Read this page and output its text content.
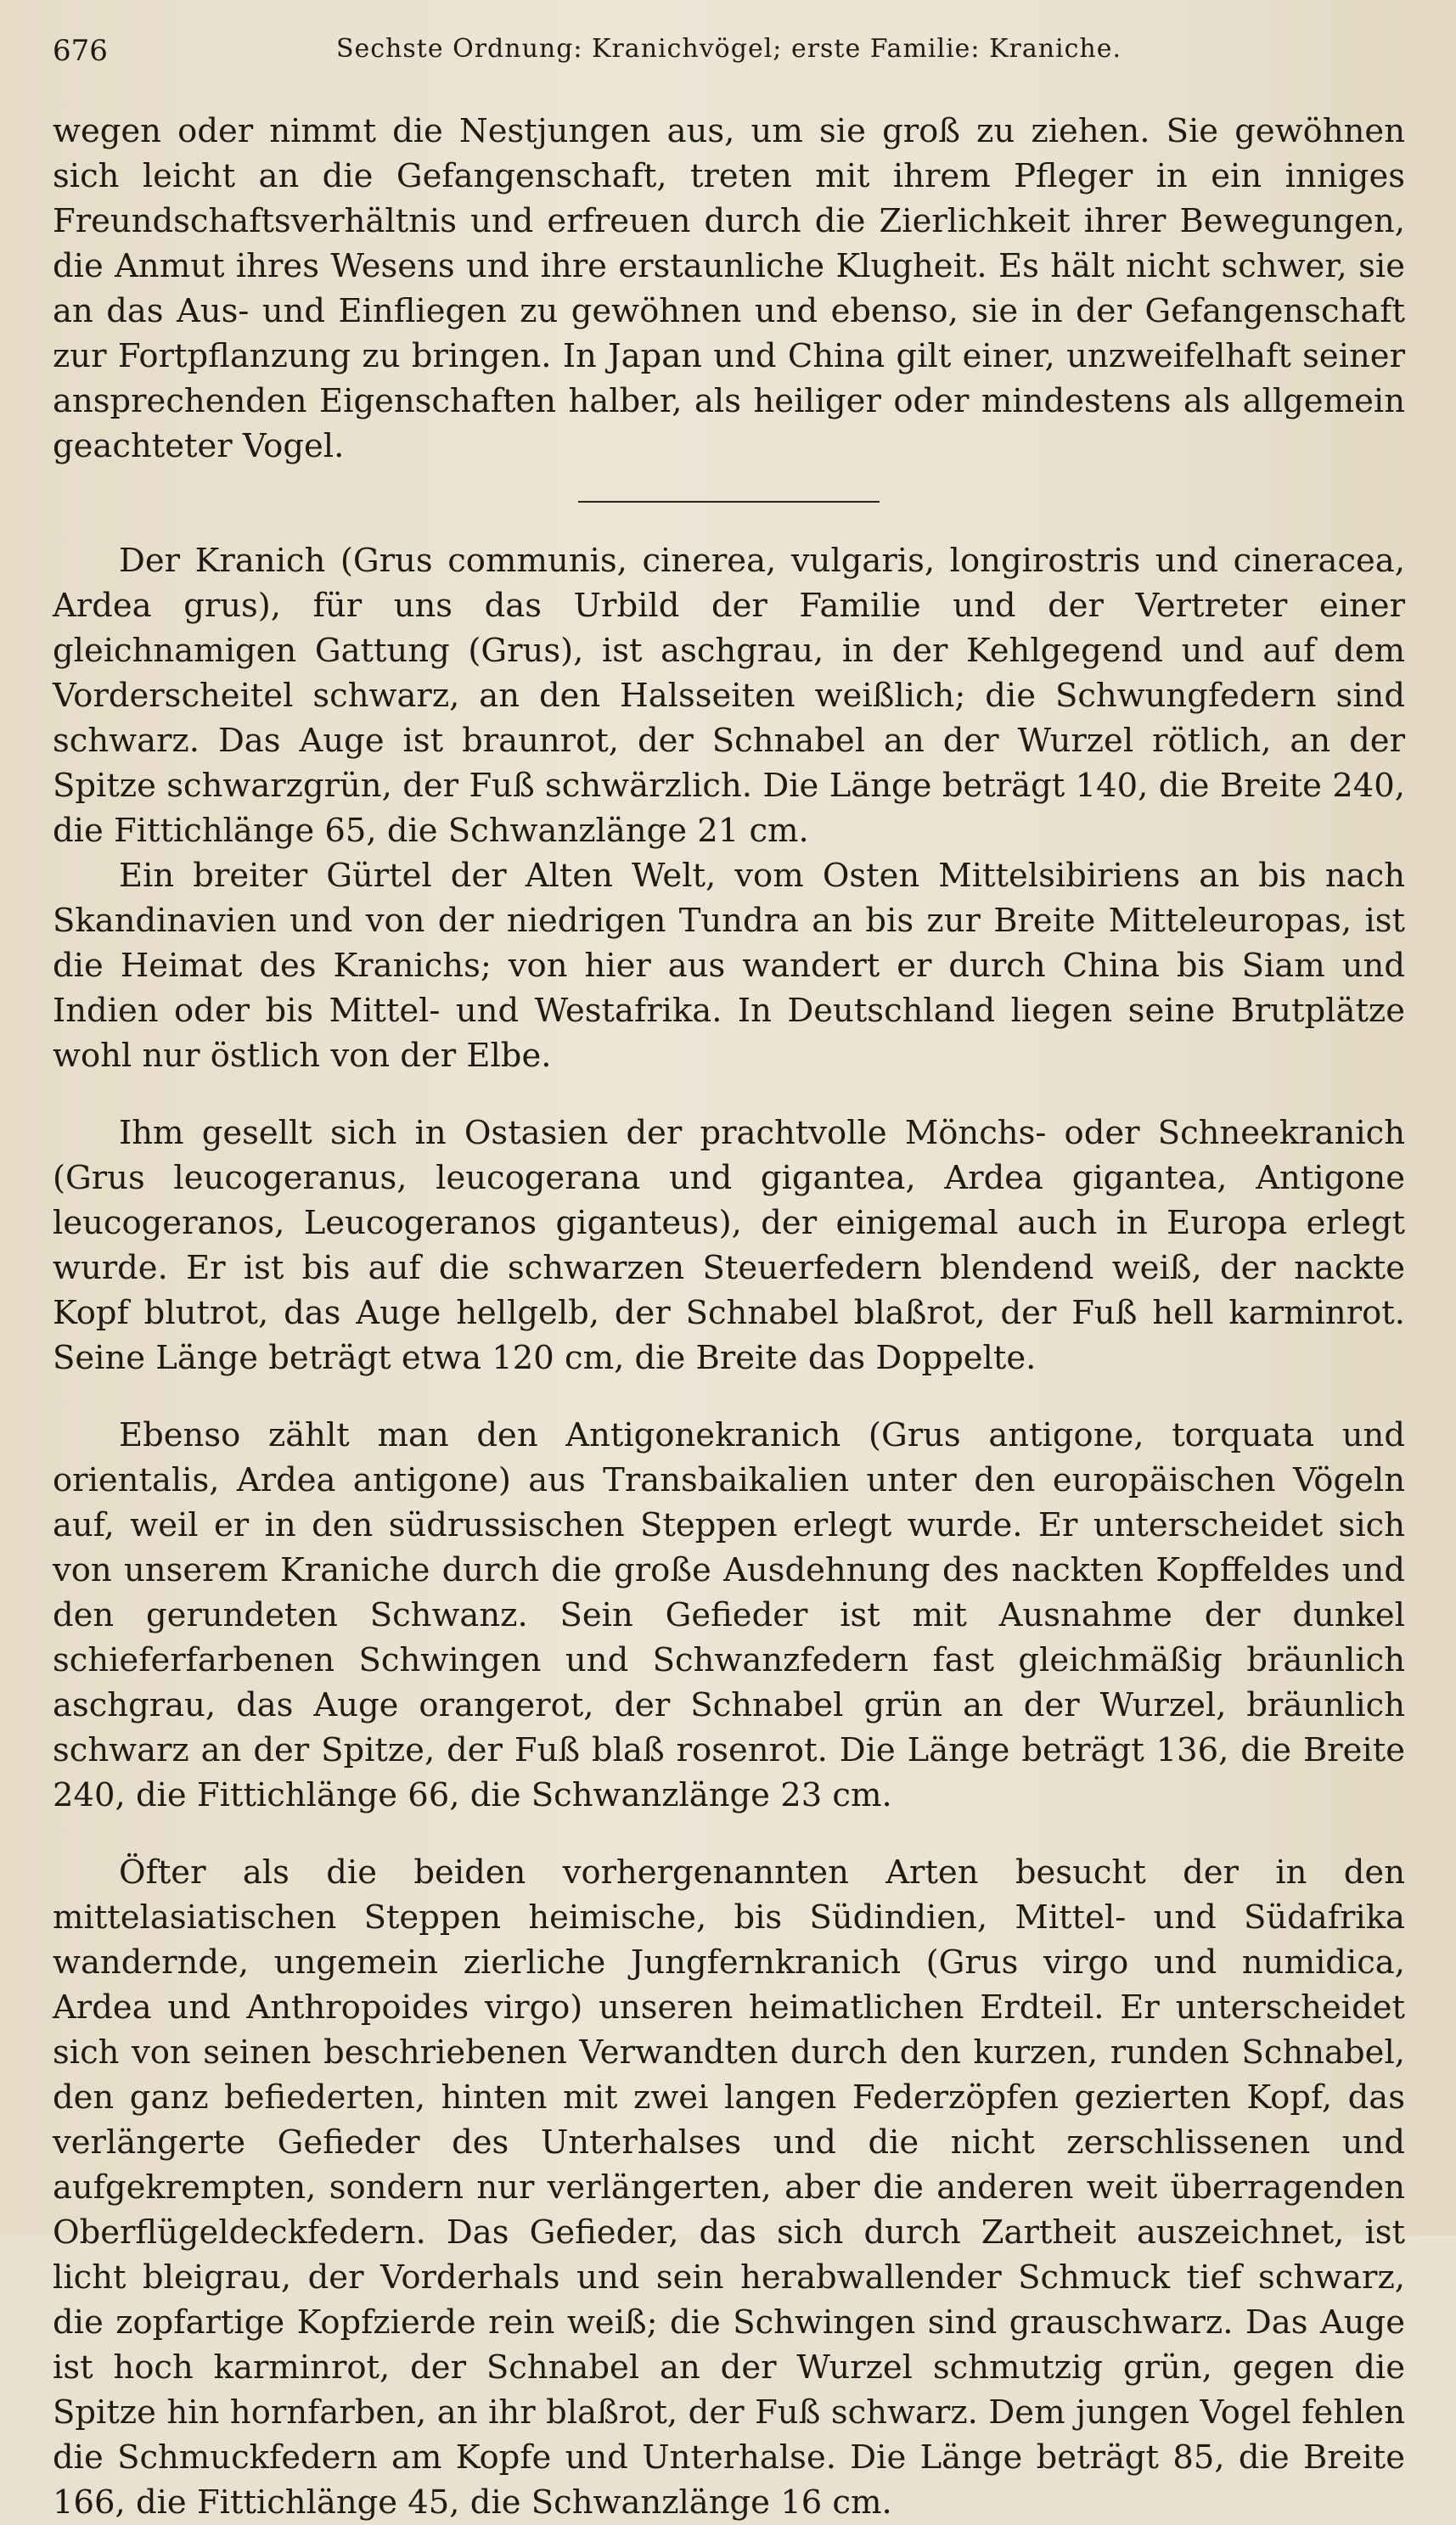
676	Sechste Ordnung: Kranichvögel; erste Familie: Kraniche.

wegen oder nimmt die Nestjungen aus, um sie groß zu ziehen. Sie gewöhnen sich leicht an die Gefangenschaft, treten mit ihrem Pfleger in ein inniges Freundschaftsverhältnis und erfreuen durch die Zierlichkeit ihrer Bewegungen, die Anmut ihres Wesens und ihre erstaunliche Klugheit. Es hält nicht schwer, sie an das Aus- und Einfliegen zu gewöhnen und ebenso, sie in der Gefangenschaft zur Fortpflanzung zu bringen. In Japan und China gilt einer, unzweifelhaft seiner ansprechenden Eigenschaften halber, als heiliger oder mindestens als allgemein geachteter Vogel.

Der Kranich (Grus communis, cinerea, vulgaris, longirostris und cineracea, Ardea grus), für uns das Urbild der Familie und der Vertreter einer gleichnamigen Gattung (Grus), ist aschgrau, in der Kehlgegend und auf dem Vorderscheitel schwarz, an den Halsseiten weißlich; die Schwungfedern sind schwarz. Das Auge ist braunrot, der Schnabel an der Wurzel rötlich, an der Spitze schwarzgrün, der Fuß schwärzlich. Die Länge beträgt 140, die Breite 240, die Fittichlänge 65, die Schwanzlänge 21 cm.

Ein breiter Gürtel der Alten Welt, vom Osten Mittelsibiriens an bis nach Skandinavien und von der niedrigen Tundra an bis zur Breite Mitteleuropas, ist die Heimat des Kranichs; von hier aus wandert er durch China bis Siam und Indien oder bis Mittel- und Westafrika. In Deutschland liegen seine Brutplätze wohl nur östlich von der Elbe.

Ihm gesellt sich in Ostasien der prachtvolle Mönchs- oder Schneekranich (Grus leucogeranus, leucogerana und gigantea, Ardea gigantea, Antigone leucogeranos, Leucogeranos giganteus), der einigemal auch in Europa erlegt wurde. Er ist bis auf die schwarzen Steuerfedern blendend weiß, der nackte Kopf blutrot, das Auge hellgelb, der Schnabel blaßrot, der Fuß hell karminrot. Seine Länge beträgt etwa 120 cm, die Breite das Doppelte.

Ebenso zählt man den Antigonekranich (Grus antigone, torquata und orientalis, Ardea antigone) aus Transbaikalien unter den europäischen Vögeln auf, weil er in den südrussischen Steppen erlegt wurde. Er unterscheidet sich von unserem Kraniche durch die große Ausdehnung des nackten Kopffeldes und den gerundeten Schwanz. Sein Gefieder ist mit Ausnahme der dunkel schieferfarbenen Schwingen und Schwanzfedern fast gleichmäßig bräunlich aschgrau, das Auge orangerot, der Schnabel grün an der Wurzel, bräunlich schwarz an der Spitze, der Fuß blaß rosenrot. Die Länge beträgt 136, die Breite 240, die Fittichlänge 66, die Schwanzlänge 23 cm.

Öfter als die beiden vorhergenannten Arten besucht der in den mittelasiatischen Steppen heimische, bis Südindien, Mittel- und Südafrika wandernde, ungemein zierliche Jungfernkranich (Grus virgo und numidica, Ardea und Anthropoides virgo) unseren heimatlichen Erdteil. Er unterscheidet sich von seinen beschriebenen Verwandten durch den kurzen, runden Schnabel, den ganz befiederten, hinten mit zwei langen Federzöpfen gezierten Kopf, das verlängerte Gefieder des Unterhalses und die nicht zerschlissenen und aufgekrempten, sondern nur verlängerten, aber die anderen weit überragenden Oberflügeldeckfedern. Das Gefieder, das sich durch Zartheit auszeichnet, ist licht bleigrau, der Vorderhals und sein herabwallender Schmuck tief schwarz, die zopfartige Kopfzierde rein weiß; die Schwingen sind grauschwarz. Das Auge ist hoch karminrot, der Schnabel an der Wurzel schmutzig grün, gegen die Spitze hin hornfarben, an ihr blaßrot, der Fuß schwarz. Dem jungen Vogel fehlen die Schmuckfedern am Kopfe und Unterhalse. Die Länge beträgt 85, die Breite 166, die Fittichlänge 45, die Schwanzlänge 16 cm.
